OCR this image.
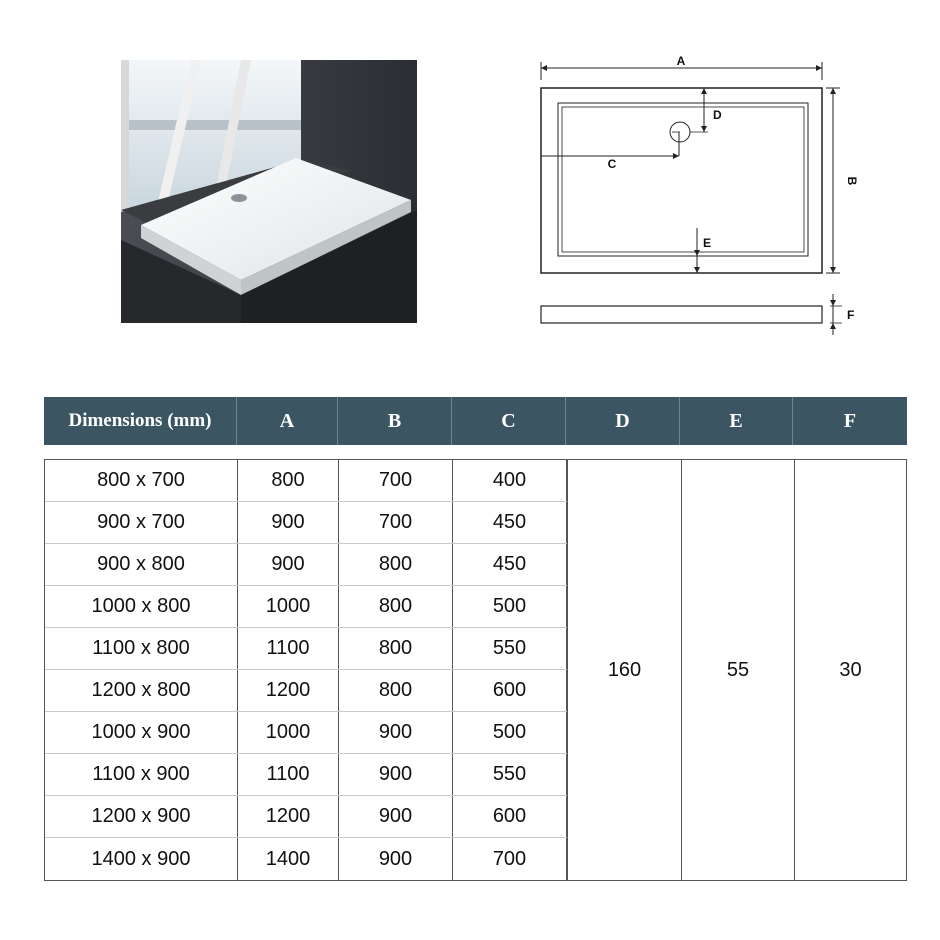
A
C
D
E
B
F
Dimensions (mm)	A	B	C	D	E	F
800 x 700	800	700	400
900 x 700	900	700	450
900 x 800	900	800	450
1000 x 800	1000	800	500
1100 x 800	1100	800	550
1200 x 800	1200	800	600
1000 x 900	1000	900	500
1100 x 900	1100	900	550
1200 x 900	1200	900	600
1400 x 900	1400	900	700
160	55	30
